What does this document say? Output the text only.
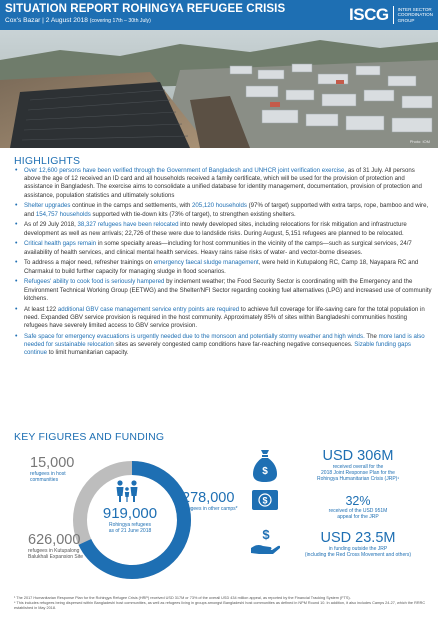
SITUATION REPORT ROHINGYA REFUGEE CRISIS
Cox's Bazar | 2 August 2018 (covering 17th – 30th July)	ISCG INTER SECTOR
COORDINATION
GROUP
Photo: IOM
HIGHLIGHTS
• Over 12,600 persons have been verified through the Government of Bangladesh and UNHCR joint verification exercise, as of 31 July. All persons above the age of 12 received an ID card and all households received a family certificate, which will be used for the provision of protection and assistance in Bangladesh. The exercise aims to consolidate a unified database for identity management, documentation, provision of protection and assistance, population statistics and ultimately solutions
• Shelter upgrades continue in the camps and settlements, with 205,120 households (97% of target) supported with extra tarps, rope, bamboo and wire, and 154,757 households supported with tie-down kits (73% of target), to strengthen existing shelters.
• As of 29 July 2018, 38,327 refugees have been relocated into newly developed sites, including relocations for risk mitigation and infrastructure development as well as new arrivals; 22,726 of these were due to landslide risks. During August, 5,151 refugees are planned to be relocated.
• Critical health gaps remain in some specialty areas—including for host communities in the vicinity of the camps—such as surgical services, 24/7 availability of health services, and clinical mental health services. Heavy rains raise risks of water- and vector-borne diseases.
• To address a major need, refresher trainings on emergency faecal sludge management, were held in Kutupalong RC, Camp 18, Nayapara RC and Charmakul to build further capacity for managing sludge in flood scenarios.
• Refugees' ability to cook food is seriously hampered by inclement weather; the Food Security Sector is coordinating with the Emergency and the Environment Technical Working Group (EETWG) and the Shelter/NFI Sector regarding cooking fuel alternatives (LPG) and increased use of community kitchens.
• At least 122 additional GBV case management service entry points are required to achieve full coverage for life-saving care for the total population in need. Expanded GBV service provision is required in the host community. Approximately 85% of sites within Bangladeshi communities hosting refugees have severely limited access to GBV service provision.
• Safe space for emergency evacuations is urgently needed due to the monsoon and potentially stormy weather and high winds. The more land is also needed for sustainable relocation sites as severely congested camp conditions have far-reaching negative consequences. Sizable funding gaps continue to limit humanitarian capacity.
KEY FIGURES AND FUNDING
919,000
Rohingya refugees
as of 21 June 2018
15,000
refugees in host communities
278,000
refugees in other camps*
626,000
refugees in Kutupalong Balukhali Expansion Site
$
$
$
USD 306M
received overall for the
2018 Joint Response Plan for the
Rohingya Humanitarian Crisis (JRP)¹
32%
received of the USD 951M
appeal for the JRP
USD 23.5M
in funding outside the JRP
(including the Red Cross Movement and others)
¹ The 2017 Humanitarian Response Plan for the Rohingya Refugee Crisis (HRP) received USD 317M or 73% of the overall USD 434 million appeal, as reported by the Financial Tracking System (FTS).
* This includes refugees being dispersed within Bangladeshi host communities, as well as refugees living in groups amongst Bangladeshi host communities as defined in NPM Round 10. In addition, it also includes Camps 24-27, which the RRRC established in May 2018.
